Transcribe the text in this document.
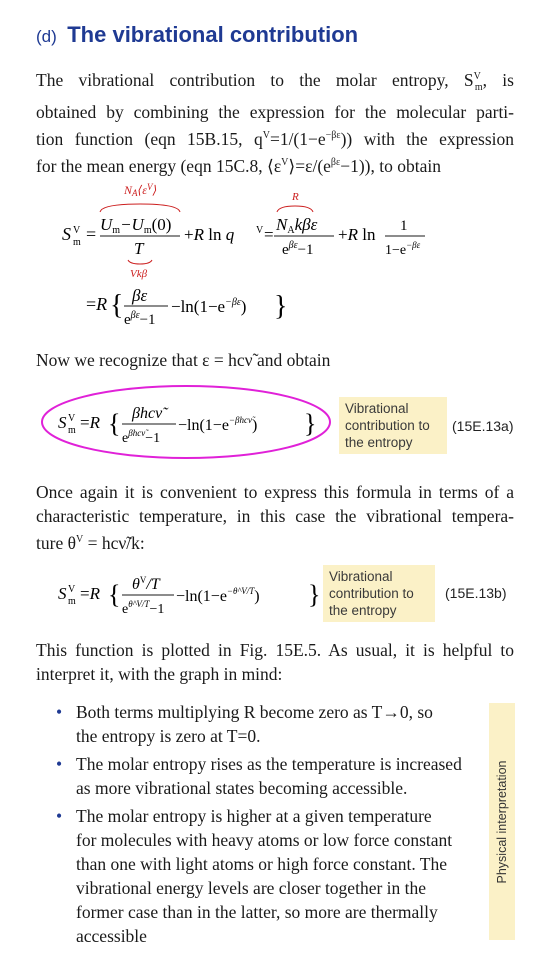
(d) The vibrational contribution
The vibrational contribution to the molar entropy, $S^V_m$, is
obtained by combining the expression for the molecular parti-
tion function (eqn 15B.15, $q^V=1/(1-e^{-\beta\varepsilon})$) with the expression
for the mean energy (eqn 15C.8, $⟨\varepsilon^V⟩=\varepsilon/(e^{\beta\varepsilon}-1)$), to obtain
$NA⟨\varepsilon^V⟩$
S V
m = Um−Um(0)
T
Vkβ
+R ln q V =
R
NAkβε
$e^{\beta\varepsilon}-1$
+R ln 1
$1-e^{-\beta\varepsilon}$
=R { βε
$e^{\beta\varepsilon}-1$
$-\ln(1-e^{-\beta\varepsilon})$ }
Now we recognize that ε = hcν̃ and obtain
S V
m =R { βhcν̃
$e^{\beta hc\nũ}-1$
$-\ln(1-e^{-\beta hc\nũ})$ }
Vibrational contribution to the entropy
(15E.13a)
Once again it is convenient to express this formula in terms of a
characteristic temperature, in this case the vibrational tempera-
ture $\theta^V$ = hcν̃/k:
S V
m =R { $\theta^V/T$
$e^{\theta\^{}V/T}-1$
$-\ln(1-e^{-\theta\^{}V/T})$ }
Vibrational contribution to the entropy
(15E.13b)
This function is plotted in Fig. 15E.5. As usual, it is helpful to
interpret it, with the graph in mind:
• Both terms multiplying R become zero as T→0, so
the entropy is zero at T=0.
• The molar entropy rises as the temperature is increased
as more vibrational states becoming accessible.
• The molar entropy is higher at a given temperature
for molecules with heavy atoms or low force constant
than one with light atoms or high force constant. The
vibrational energy levels are closer together in the
former case than in the latter, so more are thermally
accessible
Physical interpretation
